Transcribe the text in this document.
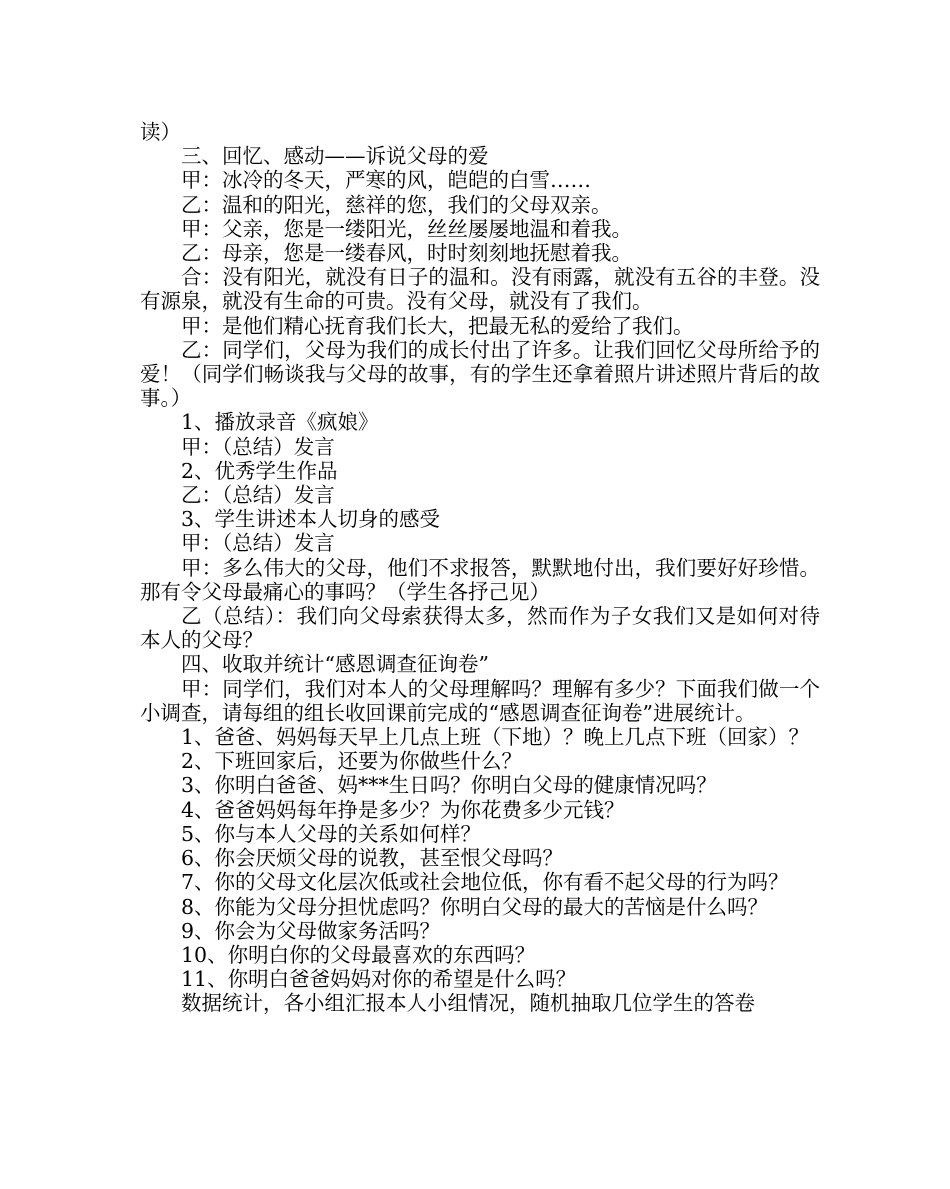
读）

三、回忆、感动——诉说父母的爱

甲：冰冷的冬天，严寒的风，皑皑的白雪……

乙：温和的阳光，慈祥的您，我们的父母双亲。

甲：父亲，您是一缕阳光，丝丝屡屡地温和着我。

乙：母亲，您是一缕春风，时时刻刻地抚慰着我。

合：没有阳光，就没有日子的温和。没有雨露，就没有五谷的丰登。没有源泉，就没有生命的可贵。没有父母，就没有了我们。

甲：是他们精心抚育我们长大，把最无私的爱给了我们。

乙：同学们，父母为我们的成长付出了许多。让我们回忆父母所给予的爱！（同学们畅谈我与父母的故事，有的学生还拿着照片讲述照片背后的故事。）

1、播放录音《疯娘》

甲：（总结）发言

2、优秀学生作品

乙：（总结）发言

3、学生讲述本人切身的感受

甲：（总结）发言

甲：多么伟大的父母，他们不求报答，默默地付出，我们要好好珍惜。那有令父母最痛心的事吗？（学生各抒己见）

乙（总结）：我们向父母索获得太多，然而作为子女我们又是如何对待本人的父母？

四、收取并统计“感恩调查征询卷”

甲：同学们，我们对本人的父母理解吗？理解有多少？下面我们做一个小调查，请每组的组长收回课前完成的“感恩调查征询卷”进展统计。

1、爸爸、妈妈每天早上几点上班（下地）？晚上几点下班（回家）？

2、下班回家后，还要为你做些什么？

3、你明白爸爸、妈***生日吗？你明白父母的健康情况吗？

4、爸爸妈妈每年挣是多少？为你花费多少元钱？

5、你与本人父母的关系如何样？

6、你会厌烦父母的说教，甚至恨父母吗？

7、你的父母文化层次低或社会地位低，你有看不起父母的行为吗？

8、你能为父母分担忧虑吗？你明白父母的最大的苦恼是什么吗？

9、你会为父母做家务活吗？

10、你明白你的父母最喜欢的东西吗？

11、你明白爸爸妈妈对你的希望是什么吗？

数据统计，各小组汇报本人小组情况，随机抽取几位学生的答卷
